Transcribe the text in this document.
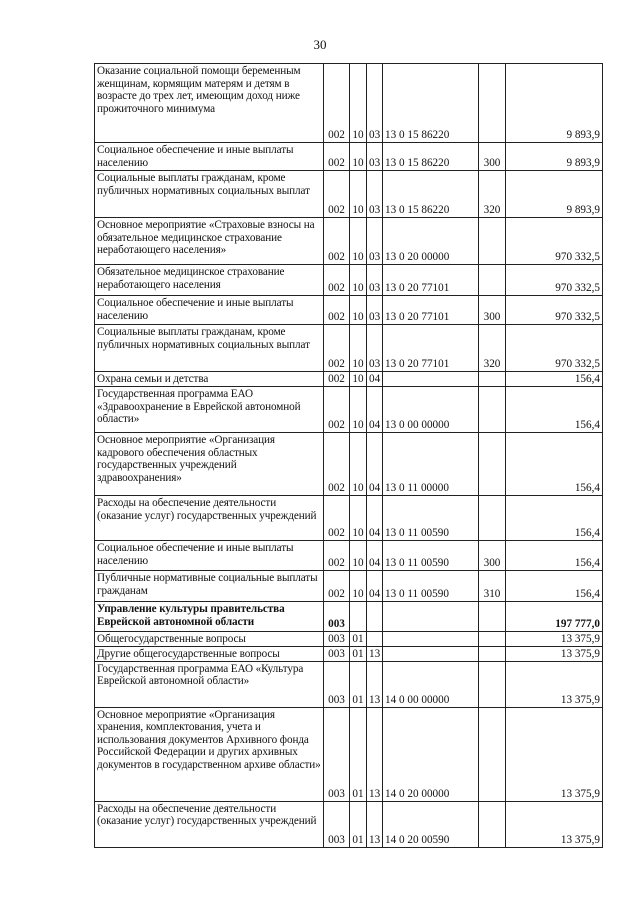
30
Оказание социальной помощи беременным женщинам, кормящим матерям и детям в возрасте до трех лет, имеющим доход ниже прожиточного минимума	002	10	03	13 0 15 86220		9 893,9
Социальное обеспечение и иные выплаты населению	002	10	03	13 0 15 86220	300	9 893,9
Социальные выплаты гражданам, кроме публичных нормативных социальных выплат	002	10	03	13 0 15 86220	320	9 893,9
Основное мероприятие «Страховые взносы на обязательное медицинское страхование неработающего населения»	002	10	03	13 0 20 00000		970 332,5
Обязательное медицинское страхование неработающего населения	002	10	03	13 0 20 77101		970 332,5
Социальное обеспечение и иные выплаты населению	002	10	03	13 0 20 77101	300	970 332,5
Социальные выплаты гражданам, кроме публичных нормативных социальных выплат	002	10	03	13 0 20 77101	320	970 332,5
Охрана семьи и детства	002	10	04			156,4
Государственная программа ЕАО «Здравоохранение в Еврейской автономной области»	002	10	04	13 0 00 00000		156,4
Основное мероприятие «Организация кадрового обеспечения областных государственных учреждений здравоохранения»	002	10	04	13 0 11 00000		156,4
Расходы на обеспечение деятельности (оказание услуг) государственных учреждений	002	10	04	13 0 11 00590		156,4
Социальное обеспечение и иные выплаты населению	002	10	04	13 0 11 00590	300	156,4
Публичные нормативные социальные выплаты гражданам	002	10	04	13 0 11 00590	310	156,4
Управление культуры правительства Еврейской автономной области	003					197 777,0
Общегосударственные вопросы	003	01				13 375,9
Другие общегосударственные вопросы	003	01	13			13 375,9
Государственная программа ЕАО «Культура Еврейской автономной области»	003	01	13	14 0 00 00000		13 375,9
Основное мероприятие «Организация хранения, комплектования, учета и использования документов Архивного фонда Российской Федерации и других архивных документов в государственном архиве области»	003	01	13	14 0 20 00000		13 375,9
Расходы на обеспечение деятельности (оказание услуг) государственных учреждений	003	01	13	14 0 20 00590		13 375,9
